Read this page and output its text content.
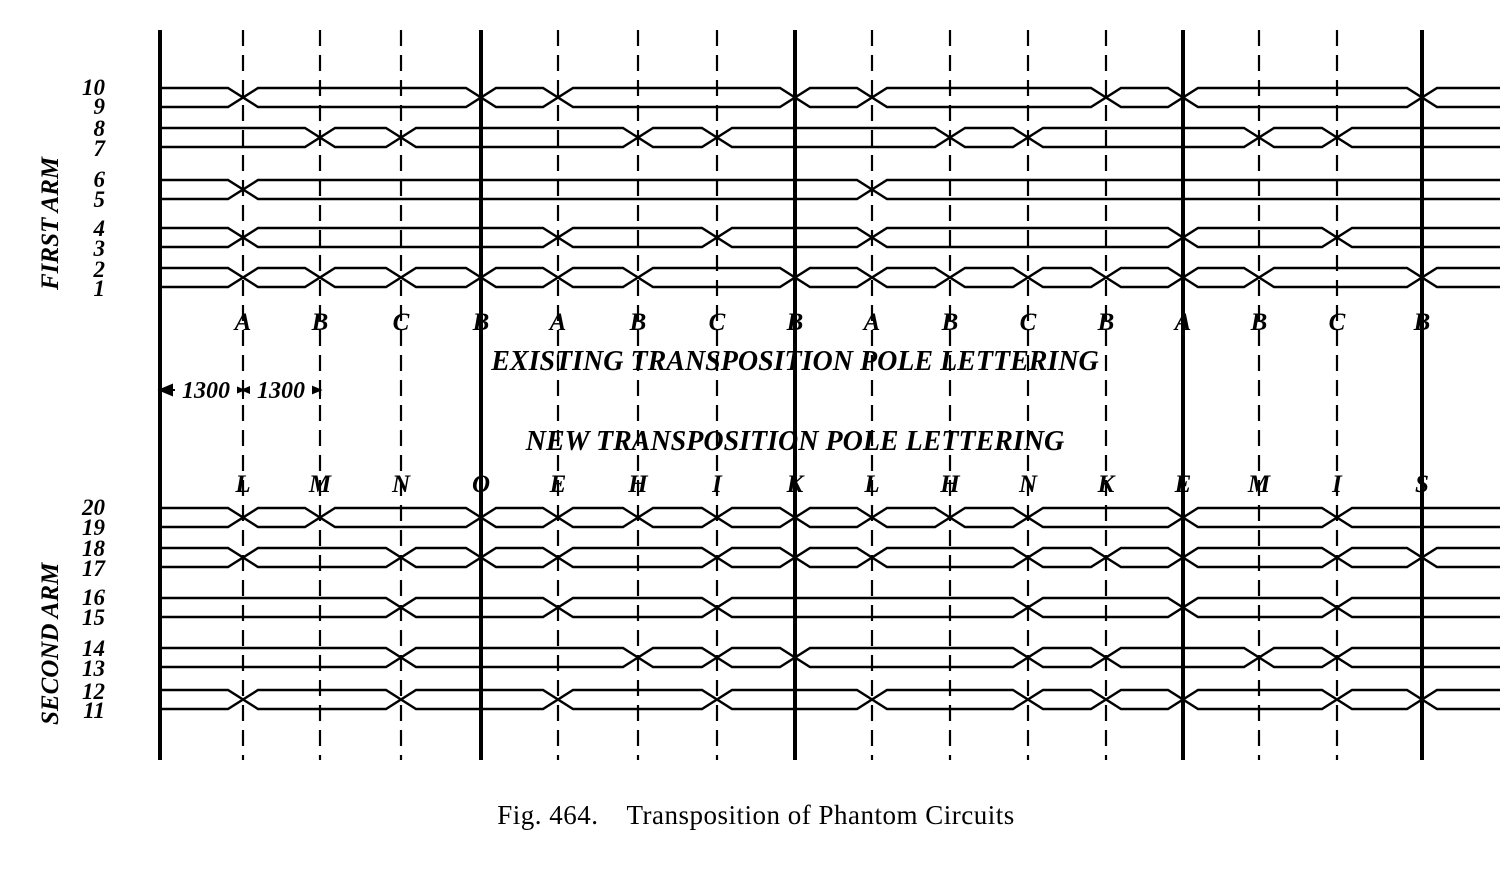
10
9
8
7
6
5
4
3
2
1
FIRST ARM
A B	C	B A	B C B A B C B A B C	B
EXISTING TRANSPOSITION POLE LETTERING
1300 1300
NEW TRANSPOSITION POLE LETTERING
L M N O E H	I	K L H N K E M I	S
20
19
18
17
16
15
14
13
12
11
SECOND ARM
Fig. 464. Transposition of Phantom Circuits
